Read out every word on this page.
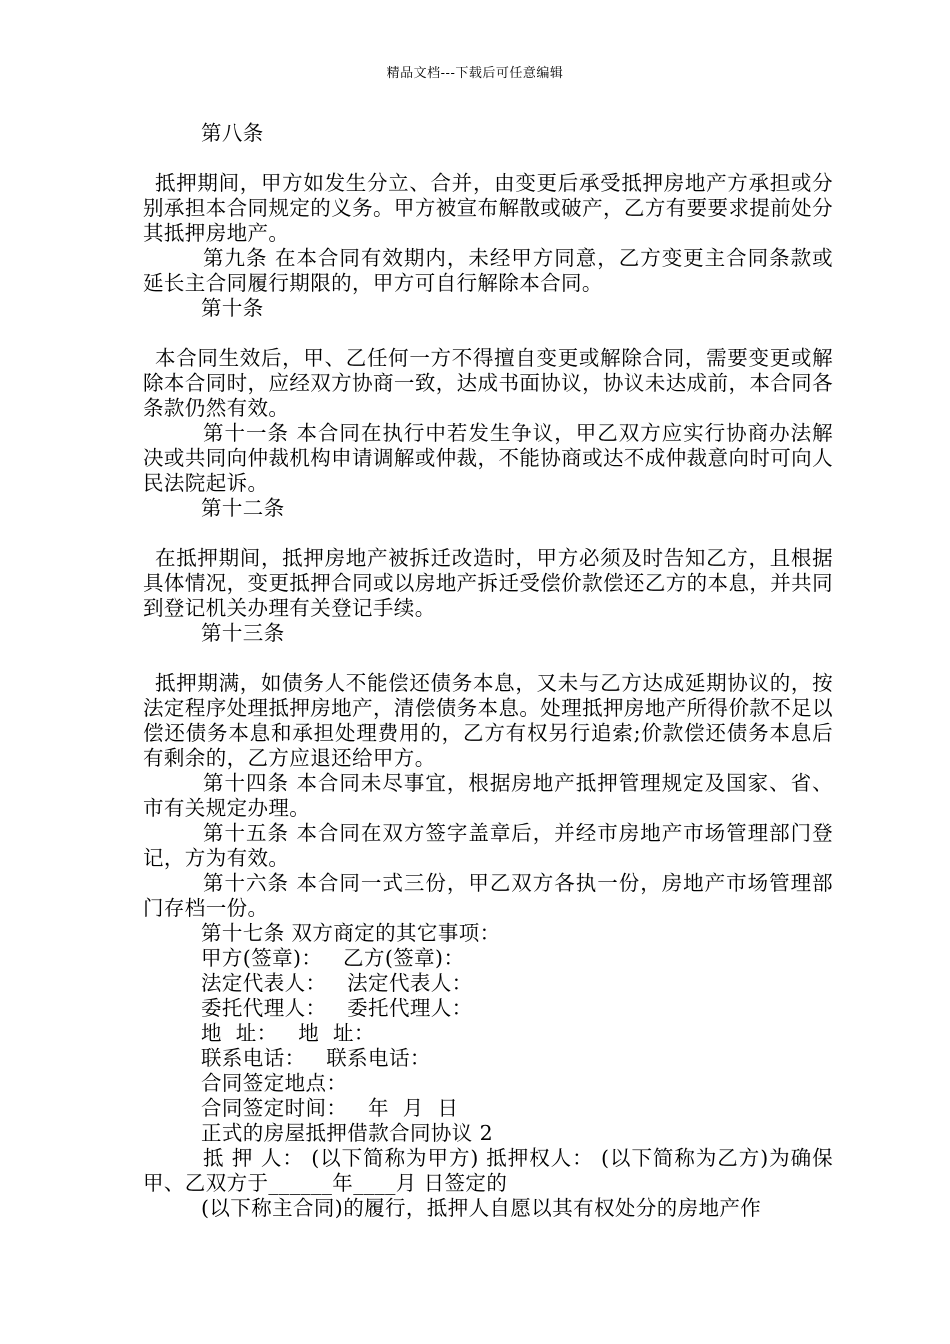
精品文档---下载后可任意编辑

第八条

抵押期间，甲方如发生分立、合并，由变更后承受抵押房地产方承担或分别承担本合同规定的义务。甲方被宣布解散或破产，乙方有要要求提前处分其抵押房地产。

第九条 在本合同有效期内，未经甲方同意，乙方变更主合同条款或延长主合同履行期限的，甲方可自行解除本合同。

第十条

本合同生效后，甲、乙任何一方不得擅自变更或解除合同，需要变更或解除本合同时，应经双方协商一致，达成书面协议，协议未达成前，本合同各条款仍然有效。

第十一条 本合同在执行中若发生争议，甲乙双方应实行协商办法解决或共同向仲裁机构申请调解或仲裁，不能协商或达不成仲裁意向时可向人民法院起诉。

第十二条

在抵押期间，抵押房地产被拆迁改造时，甲方必须及时告知乙方，且根据具体情况，变更抵押合同或以房地产拆迁受偿价款偿还乙方的本息，并共同到登记机关办理有关登记手续。

第十三条

抵押期满，如债务人不能偿还债务本息，又未与乙方达成延期协议的，按法定程序处理抵押房地产，清偿债务本息。处理抵押房地产所得价款不足以偿还债务本息和承担处理费用的，乙方有权另行追索;价款偿还债务本息后有剩余的，乙方应退还给甲方。

第十四条 本合同未尽事宜，根据房地产抵押管理规定及国家、省、市有关规定办理。

第十五条 本合同在双方签字盖章后，并经市房地产市场管理部门登记，方为有效。

第十六条 本合同一式三份，甲乙双方各执一份，房地产市场管理部门存档一份。

第十七条 双方商定的其它事项：

甲方(签章)：   乙方(签章)：

法定代表人：   法定代表人：

委托代理人：   委托代理人：

地  址：   地  址：

联系电话：   联系电话：

合同签定地点：

合同签定时间：   年  月  日

正式的房屋抵押借款合同协议 2

抵 押 人： (以下简称为甲方) 抵押权人： (以下简称为乙方)为确保甲、乙双方于______年____月 日签定的

(以下称主合同)的履行，抵押人自愿以其有权处分的房地产作
